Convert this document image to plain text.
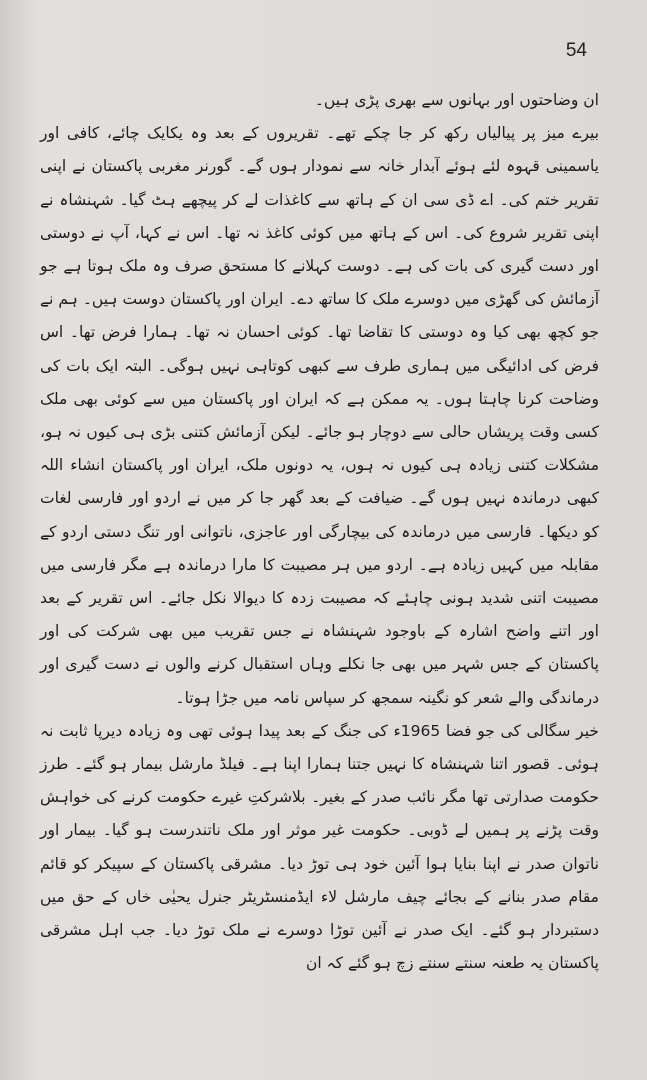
54

ان وضاحتوں اور بہانوں سے بھری پڑی ہیں۔

بیرے میز پر پیالیاں رکھ کر جا چکے تھے۔ تقریروں کے بعد وہ یکایک چائے، کافی اور یاسمینی قہوہ لئے ہوئے آبدار خانہ سے نمودار ہوں گے۔ گورنر مغربی پاکستان نے اپنی تقریر ختم کی۔ اے ڈی سی ان کے ہاتھ سے کاغذات لے کر پیچھے ہٹ گیا۔ شہنشاہ نے اپنی تقریر شروع کی۔ اس کے ہاتھ میں کوئی کاغذ نہ تھا۔ اس نے کہا، آپ نے دوستی اور دست گیری کی بات کی ہے۔ دوست کہلانے کا مستحق صرف وہ ملک ہوتا ہے جو آزمائش کی گھڑی میں دوسرے ملک کا ساتھ دے۔ ایران اور پاکستان دوست ہیں۔ ہم نے جو کچھ بھی کیا وہ دوستی کا تقاضا تھا۔ کوئی احسان نہ تھا۔ ہمارا فرض تھا۔ اس فرض کی ادائیگی میں ہماری طرف سے کبھی کوتاہی نہیں ہوگی۔ البتہ ایک بات کی وضاحت کرنا چاہتا ہوں۔ یہ ممکن ہے کہ ایران اور پاکستان میں سے کوئی بھی ملک کسی وقت پریشاں حالی سے دوچار ہو جائے۔ لیکن آزمائش کتنی بڑی ہی کیوں نہ ہو، مشکلات کتنی زیادہ ہی کیوں نہ ہوں، یہ دونوں ملک، ایران اور پاکستان انشاء اللہ کبھی درماندہ نہیں ہوں گے۔ ضیافت کے بعد گھر جا کر میں نے اردو اور فارسی لغات کو دیکھا۔ فارسی میں درماندہ کی بیچارگی اور عاجزی، ناتوانی اور تنگ دستی اردو کے مقابلہ میں کہیں زیادہ ہے۔ اردو میں ہر مصیبت کا مارا درماندہ ہے مگر فارسی میں مصیبت اتنی شدید ہونی چاہئے کہ مصیبت زدہ کا دیوالا نکل جائے۔ اس تقریر کے بعد اور اتنے واضح اشارہ کے باوجود شہنشاہ نے جس تقریب میں بھی شرکت کی اور پاکستان کے جس شہر میں بھی جا نکلے وہاں استقبال کرنے والوں نے دست گیری اور درماندگی والے شعر کو نگینہ سمجھ کر سپاس نامہ میں جڑا ہوتا۔

خیر سگالی کی جو فضا 1965ء کی جنگ کے بعد پیدا ہوئی تھی وہ زیادہ دیرپا ثابت نہ ہوئی۔ قصور اتنا شہنشاہ کا نہیں جتنا ہمارا اپنا ہے۔ فیلڈ مارشل بیمار ہو گئے۔ طرز حکومت صدارتی تھا مگر نائب صدر کے بغیر۔ بلاشرکتِ غیرے حکومت کرنے کی خواہش وقت پڑنے پر ہمیں لے ڈوبی۔ حکومت غیر موثر اور ملک ناتندرست ہو گیا۔ بیمار اور ناتوان صدر نے اپنا بنایا ہوا آئین خود ہی توڑ دیا۔ مشرقی پاکستان کے سپیکر کو قائم مقام صدر بنانے کے بجائے چیف مارشل لاء ایڈمنسٹریٹر جنرل یحیٰی خاں کے حق میں دستبردار ہو گئے۔ ایک صدر نے آئین توڑا دوسرے نے ملک توڑ دیا۔ جب اہل مشرقی پاکستان یہ طعنہ سنتے سنتے زچ ہو گئے کہ ان
